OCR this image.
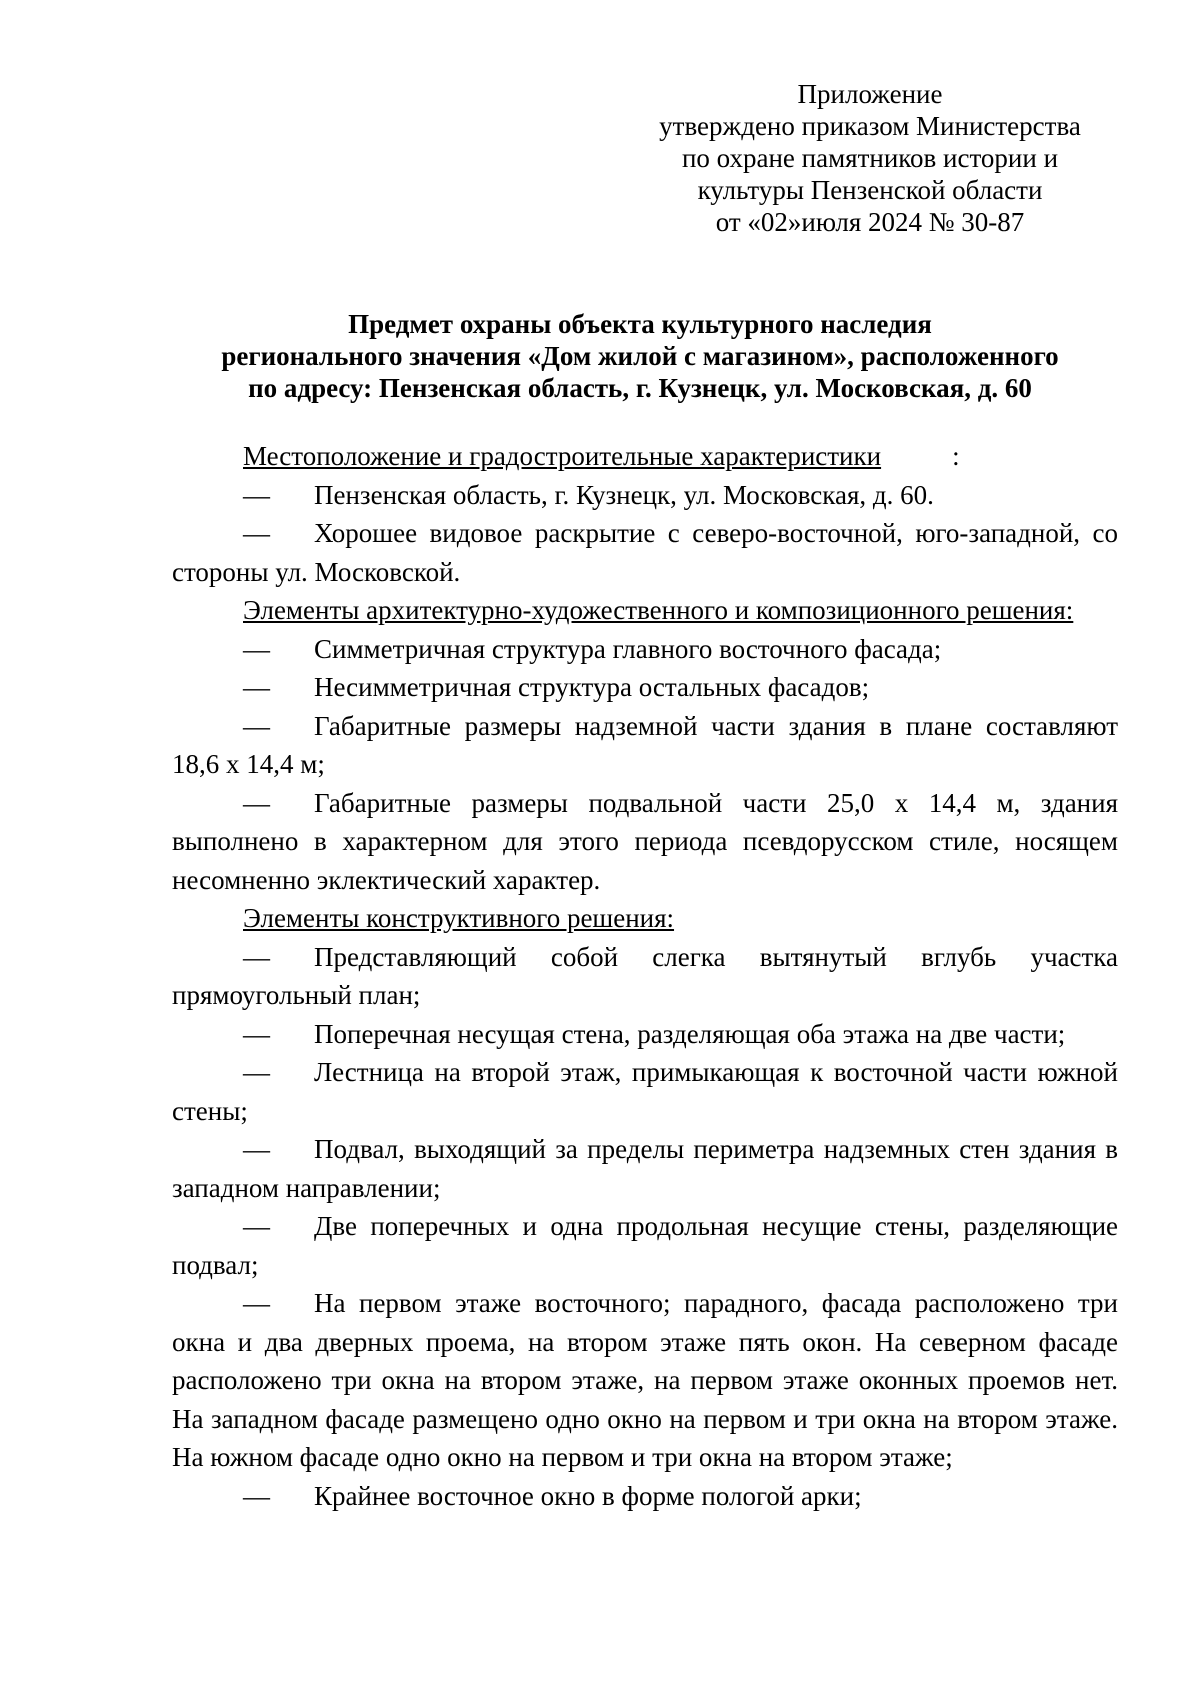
Приложение
утверждено приказом Министерства
по охране памятников истории и
культуры Пензенской области
от «02»июля 2024 № 30-87
Предмет охраны объекта культурного наследия
регионального значения «Дом жилой с магазином», расположенного
по адресу: Пензенская область, г. Кузнецк, ул. Московская, д. 60

Местоположение и градостроительные характеристики	:

— Пензенская область, г. Кузнецк, ул. Московская, д. 60.

— Хорошее видовое раскрытие с северо-восточной, юго-западной, со стороны ул. Московской.

Элементы архитектурно-художественного и композиционного решения:

— Симметричная структура главного восточного фасада;

— Несимметричная структура остальных фасадов;

— Габаритные размеры надземной части здания в плане составляют 18,6 х 14,4 м;

— Габаритные размеры подвальной части 25,0 х 14,4 м, здания выполнено в характерном для этого периода псевдорусском стиле, носящем несомненно эклектический характер.

Элементы конструктивного решения:

— Представляющий собой слегка вытянутый вглубь участка прямоугольный план;

— Поперечная несущая стена, разделяющая оба этажа на две части;

— Лестница на второй этаж, примыкающая к восточной части южной стены;

— Подвал, выходящий за пределы периметра надземных стен здания в западном направлении;

— Две поперечных и одна продольная несущие стены, разделяющие подвал;

— На первом этаже восточного; парадного, фасада расположено три окна и два дверных проема, на втором этаже пять окон. На северном фасаде расположено три окна на втором этаже, на первом этаже оконных проемов нет. На западном фасаде размещено одно окно на первом и три окна на втором этаже. На южном фасаде одно окно на первом и три окна на втором этаже;

— Крайнее восточное окно в форме пологой арки;
